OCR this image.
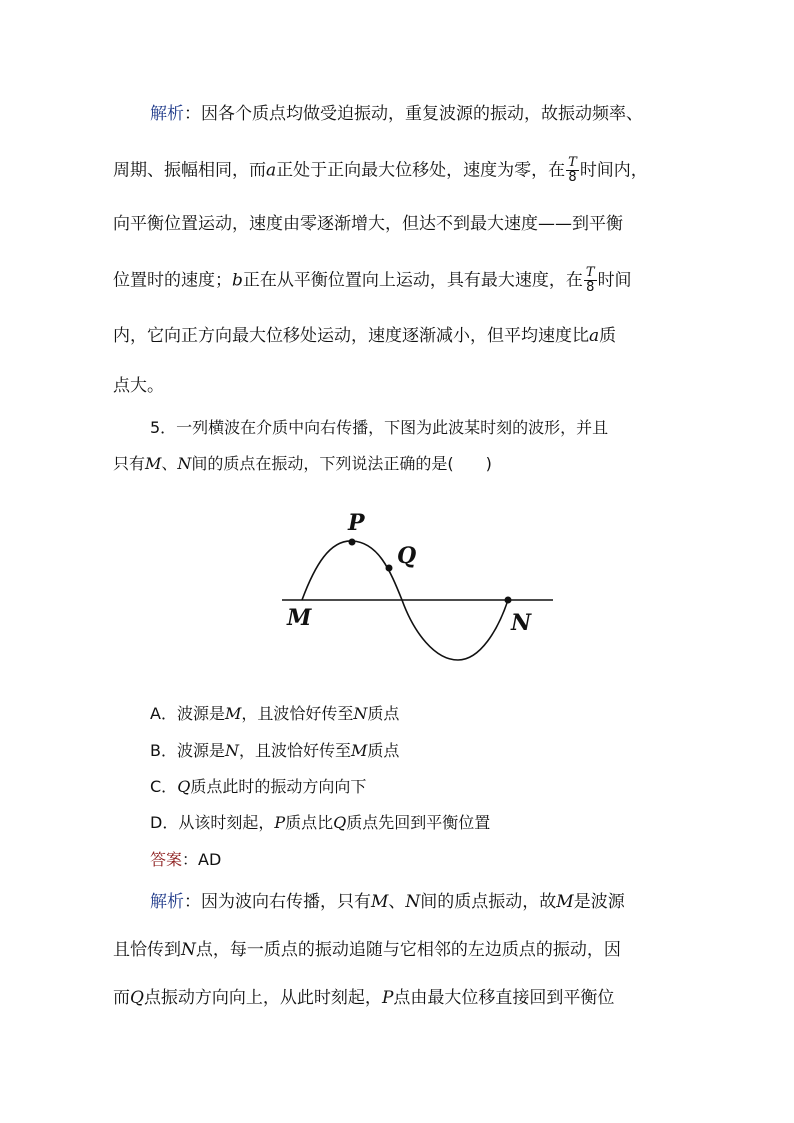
解析：因各个质点均做受迫振动，重复波源的振动，故振动频率、
周期、振幅相同，而a正处于正向最大位移处，速度为零，在 $\frac{T}{8}$ 时间内，
向平衡位置运动，速度由零逐渐增大，但达不到最大速度——到平衡
位置时的速度；b正在从平衡位置向上运动，具有最大速度，在 $\frac{T}{8}$ 时间
内，它向正方向最大位移处运动，速度逐渐减小，但平均速度比a质
点大。
5．一列横波在介质中向右传播，下图为此波某时刻的波形，并且
只有M、N间的质点在振动，下列说法正确的是(　　)
P
Q
M	N
A．波源是M，且波恰好传至N质点
B．波源是N，且波恰好传至M质点
C．Q质点此时的振动方向向下
D．从该时刻起，P质点比Q质点先回到平衡位置
答案：AD
解析：因为波向右传播，只有M、N间的质点振动，故M是波源
且恰传到N点，每一质点的振动追随与它相邻的左边质点的振动，因
而Q点振动方向向上，从此时刻起，P点由最大位移直接回到平衡位
